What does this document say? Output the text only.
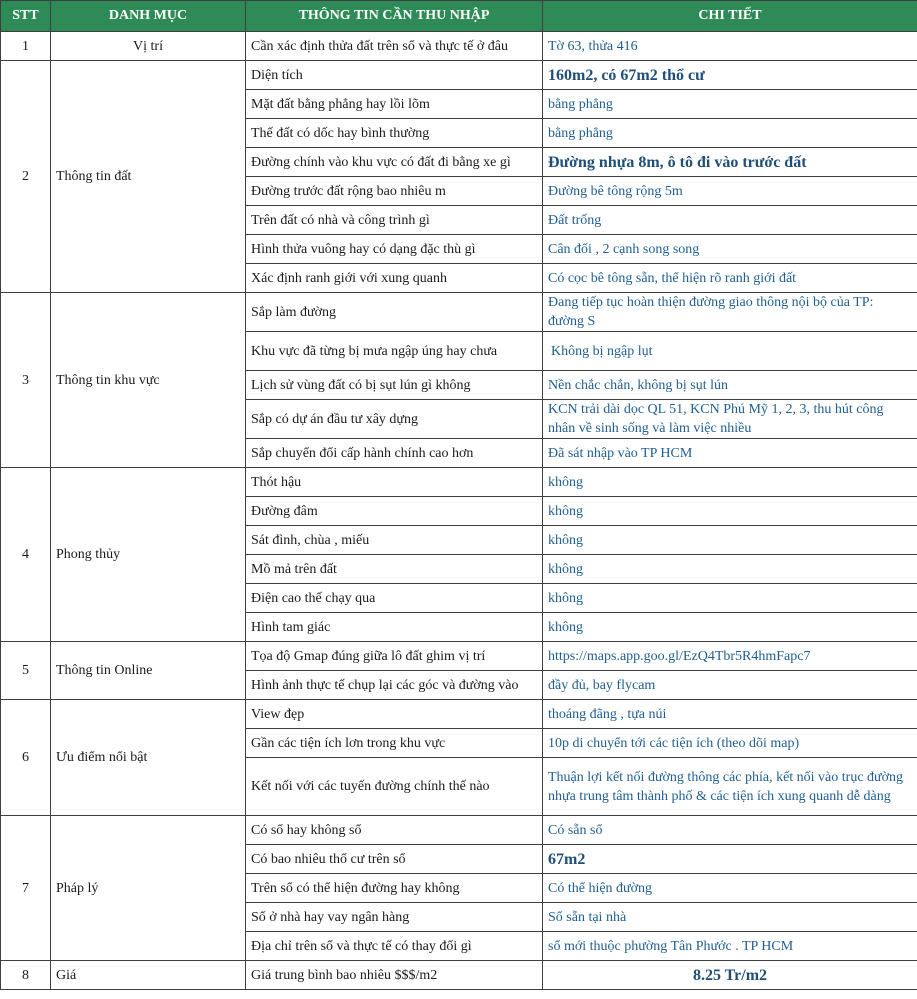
STT	DANH MỤC	THÔNG TIN CẦN THU NHẬP	CHI TIẾT
1	Vị trí	Cần xác định thửa đất trên sổ và thực tế ở đâu	Tờ 63, thửa 416
2	Thông tin đất	Diện tích	160m2, có 67m2 thổ cư
		Mặt đất bằng phẳng hay lồi lõm	bằng phẳng
		Thế đất có dốc hay bình thường	bằng phẳng
		Đường chính vào khu vực có đất đi bằng xe gì	Đường nhựa 8m, ô tô đi vào trước đất
		Đường trước đất rộng bao nhiêu m	Đường bê tông rộng 5m
		Trên đất có nhà và công trình gì	Đất trống
		Hình thửa vuông hay có dạng đặc thù gì	Cân đối , 2 cạnh song song
		Xác định ranh giới với xung quanh	Có cọc bê tông sẵn, thể hiện rõ ranh giới đất
3	Thông tin khu vực	Sắp làm đường	Đang tiếp tục hoàn thiện đường giao thông nội bộ của TP: đường S
		Khu vực đã từng bị mưa ngập úng hay chưa	Không bị ngập lụt
		Lịch sử vùng đất có bị sụt lún gì không	Nền chắc chắn, không bị sụt lún
		Sắp có dự án đầu tư xây dựng	KCN trải dài dọc QL 51, KCN Phú Mỹ 1, 2, 3, thu hút công nhân về sinh sống và làm việc nhiều
		Sắp chuyển đổi cấp hành chính cao hơn	Đã sát nhập vào TP HCM
4	Phong thủy	Thót hậu	không
		Đường đâm	không
		Sát đình, chùa , miếu	không
		Mồ mả trên đất	không
		Điện cao thế chạy qua	không
		Hình tam giác	không
5	Thông tin Online	Tọa độ Gmap đúng giữa lô đất ghim vị trí	https://maps.app.goo.gl/EzQ4Tbr5R4hmFapc7
		Hình ảnh thực tế chụp lại các góc và đường vào	đầy đủ, bay flycam
6	Ưu điểm nổi bật	View đẹp	thoáng đãng , tựa núi
		Gần các tiện ích lơn trong khu vực	10p di chuyển tới các tiện ích (theo dõi map)
		Kết nối với các tuyến đường chính thế nào	Thuận lợi kết nối đường thông các phía, kết nối vào trục đường nhựa trung tâm thành phố & các tiện ích xung quanh dễ dàng
7	Pháp lý	Có sổ hay không sổ	Có sẵn sổ
		Có bao nhiêu thổ cư trên sổ	67m2
		Trên sổ có thể hiện đường hay không	Có thể hiện đường
		Sổ ở nhà hay vay ngân hàng	Sổ sẵn tại nhà
		Địa chỉ trên sổ và thực tế có thay đổi gì	sổ mới thuộc phường Tân Phước . TP HCM
8	Giá	Giá trung bình bao nhiêu $$$/m2	8.25 Tr/m2
